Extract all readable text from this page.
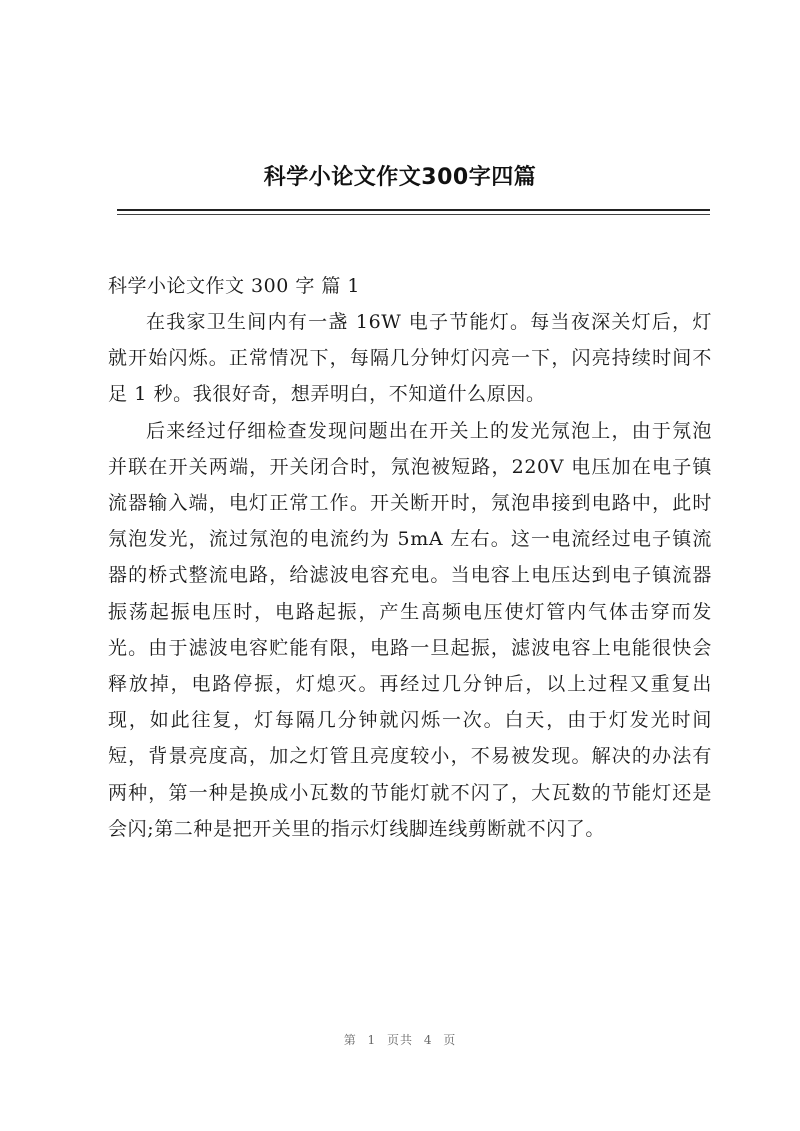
科学小论文作文300字四篇
科学小论文作文 300 字 篇 1

在我家卫生间内有一盏 16W 电子节能灯。每当夜深关灯后，灯就开始闪烁。正常情况下，每隔几分钟灯闪亮一下，闪亮持续时间不足 1 秒。我很好奇，想弄明白，不知道什么原因。

后来经过仔细检查发现问题出在开关上的发光氖泡上，由于氖泡并联在开关两端，开关闭合时，氖泡被短路，220V 电压加在电子镇流器输入端，电灯正常工作。开关断开时，氖泡串接到电路中，此时氖泡发光，流过氖泡的电流约为 5mA 左右。这一电流经过电子镇流器的桥式整流电路，给滤波电容充电。当电容上电压达到电子镇流器振荡起振电压时，电路起振，产生高频电压使灯管内气体击穿而发光。由于滤波电容贮能有限，电路一旦起振，滤波电容上电能很快会释放掉，电路停振，灯熄灭。再经过几分钟后，以上过程又重复出现，如此往复，灯每隔几分钟就闪烁一次。白天，由于灯发光时间短，背景亮度高，加之灯管且亮度较小，不易被发现。解决的办法有两种，第一种是换成小瓦数的节能灯就不闪了，大瓦数的节能灯还是会闪;第二种是把开关里的指示灯线脚连线剪断就不闪了。

第 1 页共 4 页
